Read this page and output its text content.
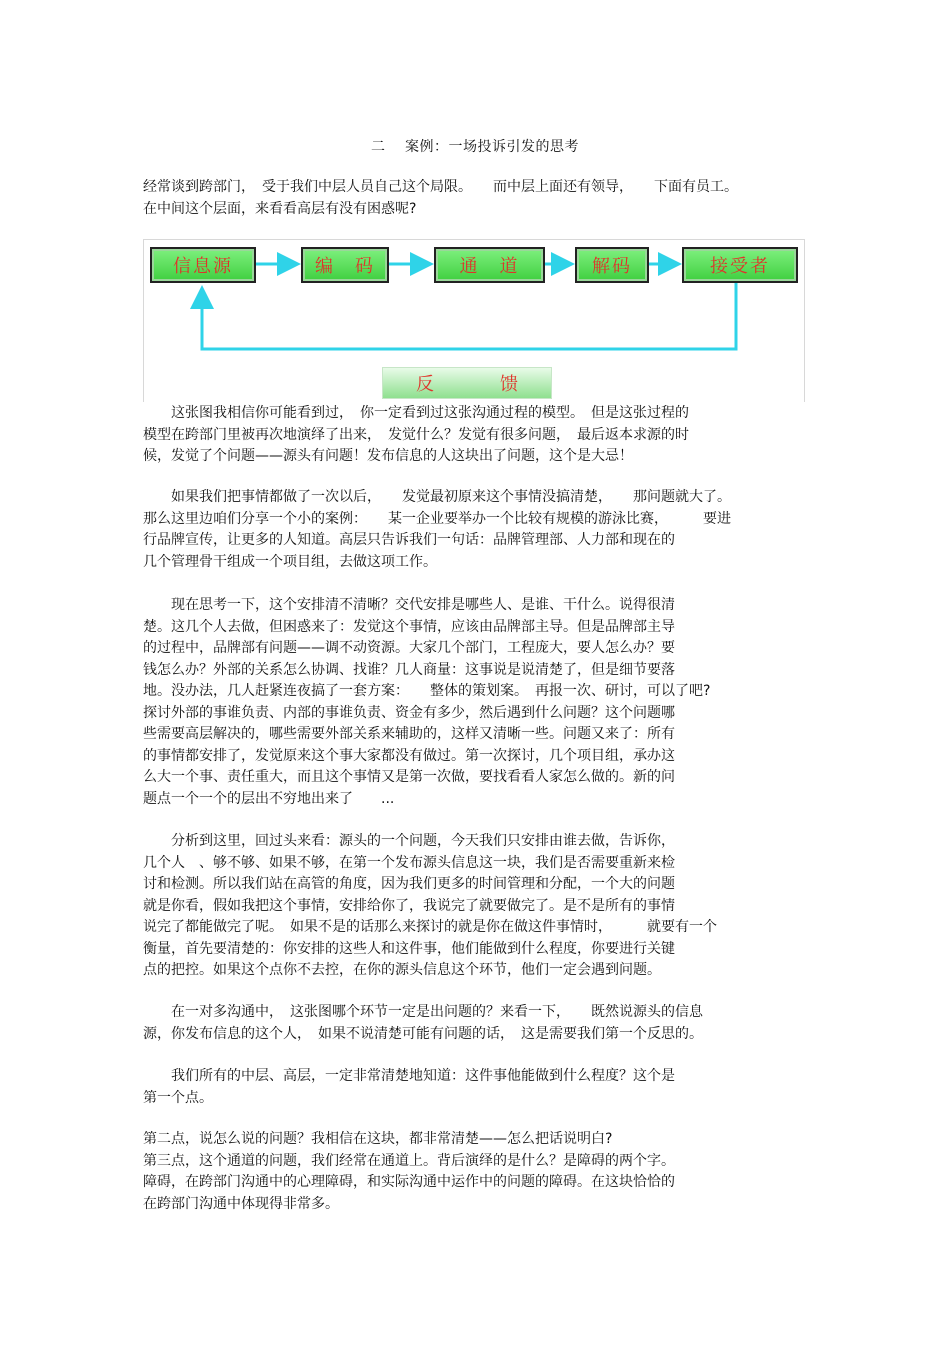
二　 案例：一场投诉引发的思考
经常谈到跨部门，　受于我们中层人员自己这个局限。　　而中层上面还有领导，　　下面有员工。
在中间这个层面，来看看高层有没有困惑呢?
信息源	编　码	通　道	解码	接受者
反	馈
　　这张图我相信你可能看到过，　你一定看到过这张沟通过程的模型。　但是这张过程的
模型在跨部门里被再次地演绎了出来，　发觉什么？发觉有很多问题，　最后返本求源的时
候，发觉了个问题——源头有问题！发布信息的人这块出了问题，这个是大忌！
　　如果我们把事情都做了一次以后，　　发觉最初原来这个事情没搞清楚，　　那问题就大了。
那么这里边咱们分享一个小的案例：　　某一企业要举办一个比较有规模的游泳比赛，　　　要进
行品牌宣传，让更多的人知道。高层只告诉我们一句话：品牌管理部、人力部和现在的
几个管理骨干组成一个项目组，去做这项工作。
　　现在思考一下，这个安排清不清晰？交代安排是哪些人、是谁、干什么。说得很清
楚。这几个人去做，但困惑来了：发觉这个事情，应该由品牌部主导。但是品牌部主导
的过程中，品牌部有问题——调不动资源。大家几个部门，工程庞大，要人怎么办？要
钱怎么办？外部的关系怎么协调、找谁？几人商量：这事说是说清楚了，但是细节要落
地。没办法，几人赶紧连夜搞了一套方案：　　整体的策划案。　再报一次、研讨，可以了吧?
探讨外部的事谁负责、内部的事谁负责、资金有多少，然后遇到什么问题？这个问题哪
些需要高层解决的，哪些需要外部关系来辅助的，这样又清晰一些。问题又来了：所有
的事情都安排了，发觉原来这个事大家都没有做过。第一次探讨，几个项目组，承办这
么大一个事、责任重大，而且这个事情又是第一次做，要找看看人家怎么做的。新的问
题点一个一个的层出不穷地出来了　　...
　　分析到这里，回过头来看：源头的一个问题，今天我们只安排由谁去做，告诉你，
几个人　、够不够、如果不够，在第一个发布源头信息这一块，我们是否需要重新来检
讨和检测。所以我们站在高管的角度，因为我们更多的时间管理和分配，一个大的问题
就是你看，假如我把这个事情，安排给你了，我说完了就要做完了。是不是所有的事情
说完了都能做完了呢。　如果不是的话那么来探讨的就是你在做这件事情时，　　　就要有一个
衡量，首先要清楚的：你安排的这些人和这件事，他们能做到什么程度，你要进行关键
点的把控。如果这个点你不去控，在你的源头信息这个环节，他们一定会遇到问题。
　　在一对多沟通中，　这张图哪个环节一定是出问题的？来看一下，　　既然说源头的信息
源，你发布信息的这个人，　如果不说清楚可能有问题的话，　这是需要我们第一个反思的。
　　我们所有的中层、高层，一定非常清楚地知道：这件事他能做到什么程度？这个是
第一个点。
第二点，说怎么说的问题？我相信在这块，都非常清楚——怎么把话说明白?
第三点，这个通道的问题，我们经常在通道上。背后演绎的是什么？是障碍的两个字。
障碍，在跨部门沟通中的心理障碍，和实际沟通中运作中的问题的障碍。在这块恰恰的
在跨部门沟通中体现得非常多。
